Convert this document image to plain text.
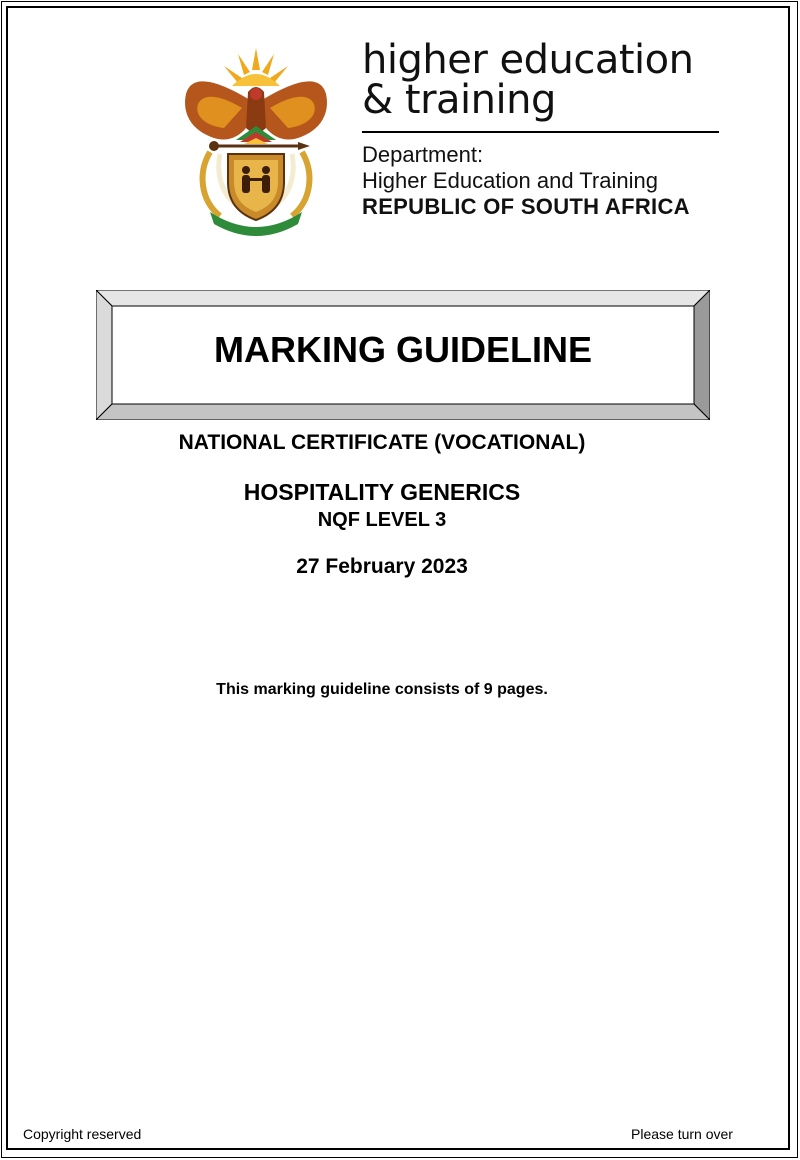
higher education
& training
Department:
Higher Education and Training
REPUBLIC OF SOUTH AFRICA
MARKING GUIDELINE
NATIONAL CERTIFICATE (VOCATIONAL)
HOSPITALITY GENERICS
NQF LEVEL 3
27 February 2023
This marking guideline consists of 9 pages.
Copyright reserved	Please turn over
